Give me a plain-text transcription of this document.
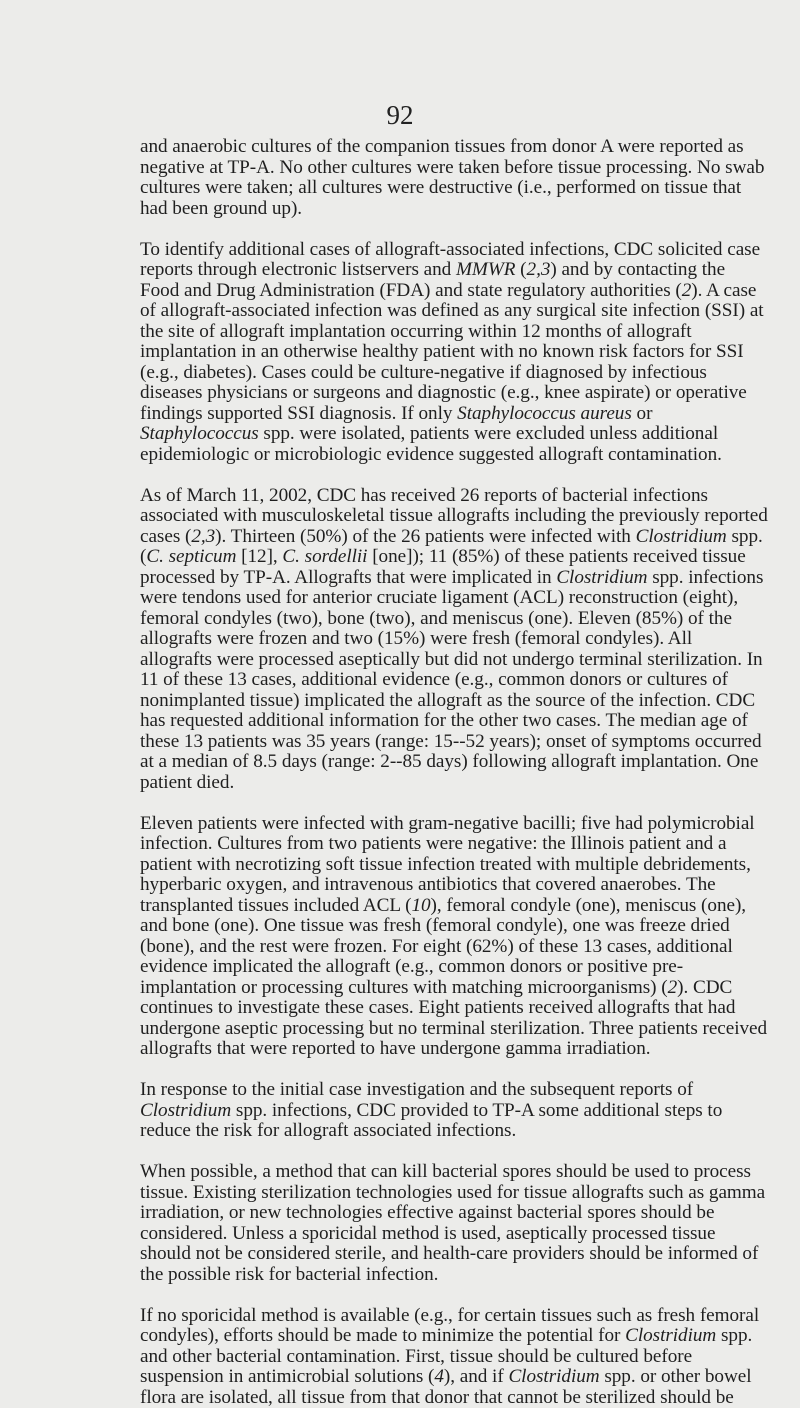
92

and anaerobic cultures of the companion tissues from donor A were reported as negative at TP-A. No other cultures were taken before tissue processing. No swab cultures were taken; all cultures were destructive (i.e., performed on tissue that had been ground up).

To identify additional cases of allograft-associated infections, CDC solicited case reports through electronic listservers and MMWR (2,3) and by contacting the Food and Drug Administration (FDA) and state regulatory authorities (2). A case of allograft-associated infection was defined as any surgical site infection (SSI) at the site of allograft implantation occurring within 12 months of allograft implantation in an otherwise healthy patient with no known risk factors for SSI (e.g., diabetes). Cases could be culture-negative if diagnosed by infectious diseases physicians or surgeons and diagnostic (e.g., knee aspirate) or operative findings supported SSI diagnosis. If only Staphylococcus aureus or Staphylococcus spp. were isolated, patients were excluded unless additional epidemiologic or microbiologic evidence suggested allograft contamination.

As of March 11, 2002, CDC has received 26 reports of bacterial infections associated with musculoskeletal tissue allografts including the previously reported cases (2,3). Thirteen (50%) of the 26 patients were infected with Clostridium spp. (C. septicum [12], C. sordellii [one]); 11 (85%) of these patients received tissue processed by TP-A. Allografts that were implicated in Clostridium spp. infections were tendons used for anterior cruciate ligament (ACL) reconstruction (eight), femoral condyles (two), bone (two), and meniscus (one). Eleven (85%) of the allografts were frozen and two (15%) were fresh (femoral condyles). All allografts were processed aseptically but did not undergo terminal sterilization. In 11 of these 13 cases, additional evidence (e.g., common donors or cultures of nonimplanted tissue) implicated the allograft as the source of the infection. CDC has requested additional information for the other two cases. The median age of these 13 patients was 35 years (range: 15--52 years); onset of symptoms occurred at a median of 8.5 days (range: 2--85 days) following allograft implantation. One patient died.

Eleven patients were infected with gram-negative bacilli; five had polymicrobial infection. Cultures from two patients were negative: the Illinois patient and a patient with necrotizing soft tissue infection treated with multiple debridements, hyperbaric oxygen, and intravenous antibiotics that covered anaerobes. The transplanted tissues included ACL (10), femoral condyle (one), meniscus (one), and bone (one). One tissue was fresh (femoral condyle), one was freeze dried (bone), and the rest were frozen. For eight (62%) of these 13 cases, additional evidence implicated the allograft (e.g., common donors or positive pre-implantation or processing cultures with matching microorganisms) (2). CDC continues to investigate these cases. Eight patients received allografts that had undergone aseptic processing but no terminal sterilization. Three patients received allografts that were reported to have undergone gamma irradiation.

In response to the initial case investigation and the subsequent reports of Clostridium spp. infections, CDC provided to TP-A some additional steps to reduce the risk for allograft associated infections.

When possible, a method that can kill bacterial spores should be used to process tissue. Existing sterilization technologies used for tissue allografts such as gamma irradiation, or new technologies effective against bacterial spores should be considered. Unless a sporicidal method is used, aseptically processed tissue should not be considered sterile, and health-care providers should be informed of the possible risk for bacterial infection.

If no sporicidal method is available (e.g., for certain tissues such as fresh femoral condyles), efforts should be made to minimize the potential for Clostridium spp. and other bacterial contamination. First, tissue should be cultured before suspension in antimicrobial solutions (4), and if Clostridium spp. or other bowel flora are isolated, all tissue from that donor that cannot be sterilized should be
